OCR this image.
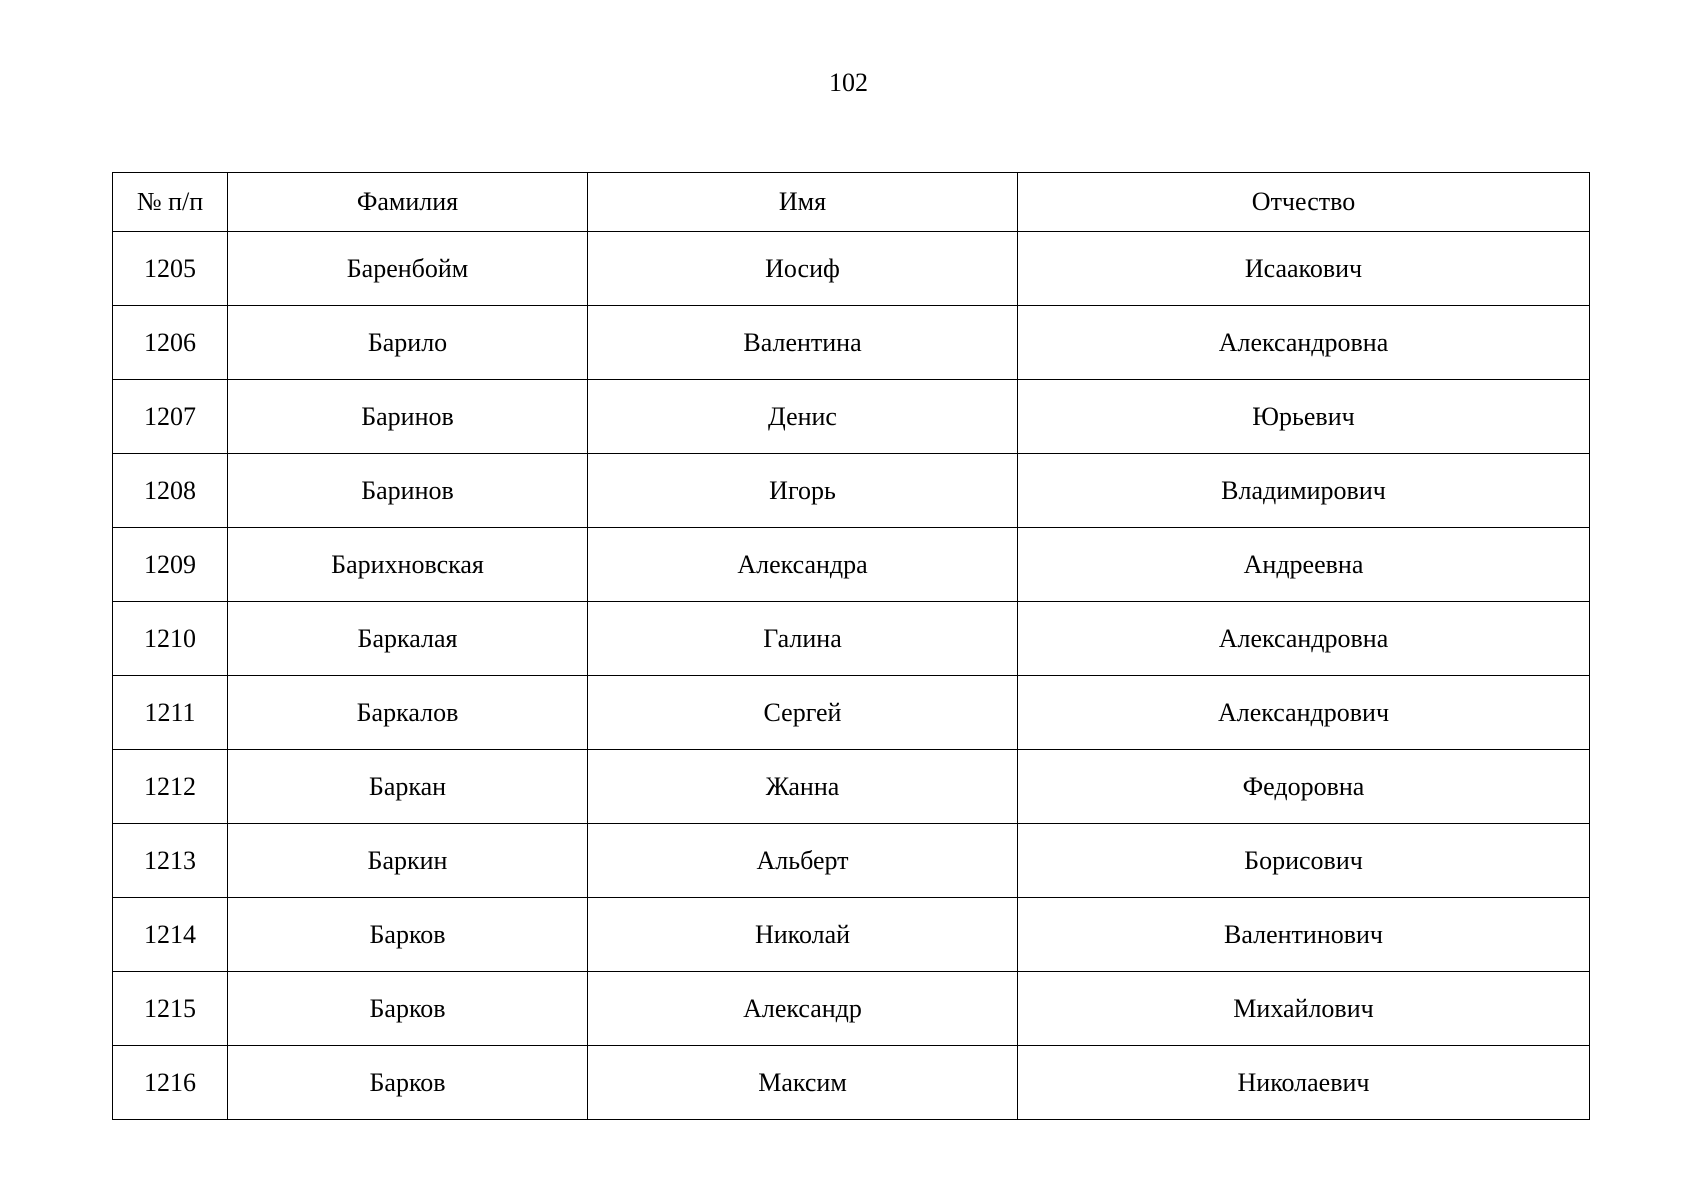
102
№ п/п	Фамилия	Имя	Отчество
1205	Баренбойм	Иосиф	Исаакович
1206	Барило	Валентина	Александровна
1207	Баринов	Денис	Юрьевич
1208	Баринов	Игорь	Владимирович
1209	Барихновская	Александра	Андреевна
1210	Баркалая	Галина	Александровна
1211	Баркалов	Сергей	Александрович
1212	Баркан	Жанна	Федоровна
1213	Баркин	Альберт	Борисович
1214	Барков	Николай	Валентинович
1215	Барков	Александр	Михайлович
1216	Барков	Максим	Николаевич
